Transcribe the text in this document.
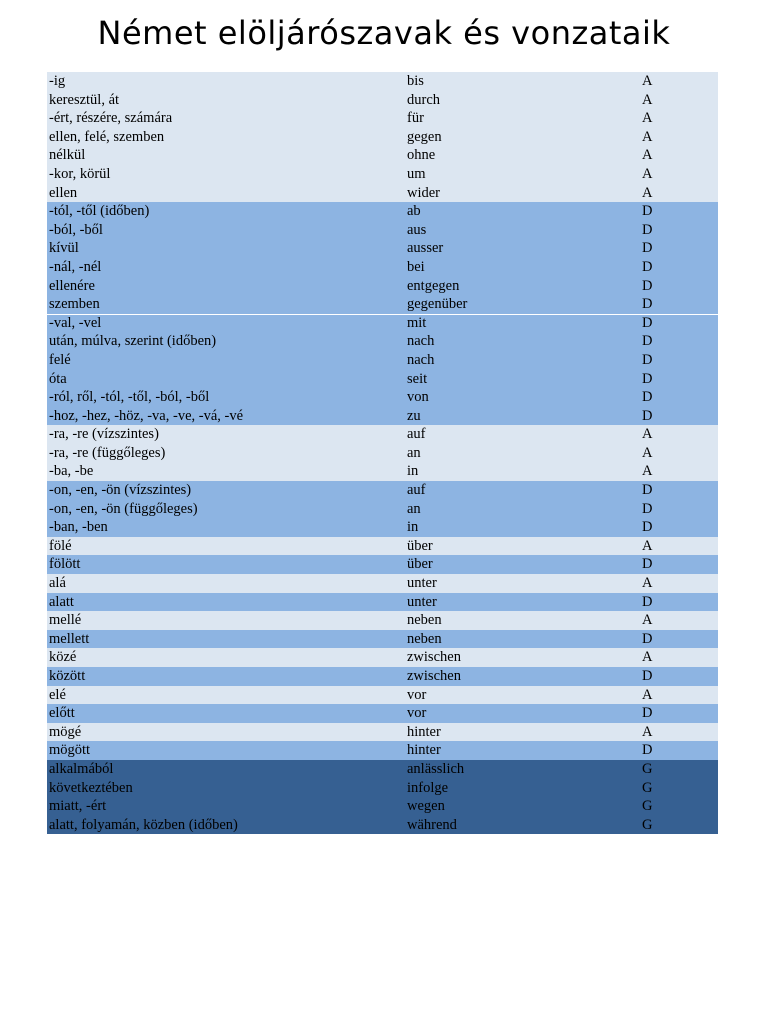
Német elöljárószavak és vonzataik
-ig	bis	A
keresztül, át	durch	A
-ért, részére, számára	für	A
ellen, felé, szemben	gegen	A
nélkül	ohne	A
-kor, körül	um	A
ellen	wider	A
-tól, -től (időben)	ab	D
-ból, -ből	aus	D
kívül	ausser	D
-nál, -nél	bei	D
ellenére	entgegen	D
szemben	gegenüber	D
-val, -vel	mit	D
után, múlva, szerint (időben)	nach	D
felé	nach	D
óta	seit	D
-ról, ről, -tól, -től, -ból, -ből	von	D
-hoz, -hez, -höz, -va, -ve, -vá, -vé	zu	D
-ra, -re (vízszintes)	auf	A
-ra, -re (függőleges)	an	A
-ba, -be	in	A
-on, -en, -ön (vízszintes)	auf	D
-on, -en, -ön (függőleges)	an	D
-ban, -ben	in	D
fölé	über	A
fölött	über	D
alá	unter	A
alatt	unter	D
mellé	neben	A
mellett	neben	D
közé	zwischen	A
között	zwischen	D
elé	vor	A
előtt	vor	D
mögé	hinter	A
mögött	hinter	D
alkalmából	anlässlich	G
következtében	infolge	G
miatt, -ért	wegen	G
alatt, folyamán, közben (időben)	während	G
